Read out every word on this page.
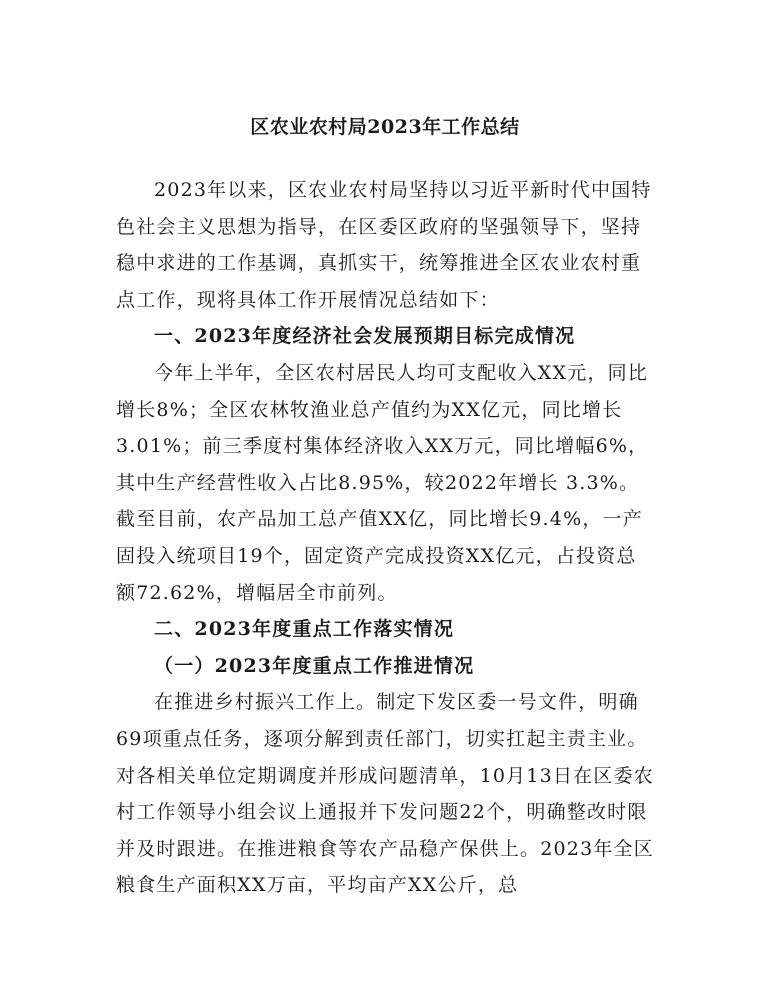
区农业农村局2023年工作总结

2023年以来，区农业农村局坚持以习近平新时代中国特色社会主义思想为指导，在区委区政府的坚强领导下，坚持稳中求进的工作基调，真抓实干，统筹推进全区农业农村重点工作，现将具体工作开展情况总结如下：

一、2023年度经济社会发展预期目标完成情况

今年上半年，全区农村居民人均可支配收入XX元，同比增长8%；全区农林牧渔业总产值约为XX亿元，同比增长3.01%；前三季度村集体经济收入XX万元，同比增幅6%，其中生产经营性收入占比8.95%，较2022年增长 3.3%。截至目前，农产品加工总产值XX亿，同比增长9.4%，一产固投入统项目19个，固定资产完成投资XX亿元，占投资总额72.62%，增幅居全市前列。

二、2023年度重点工作落实情况

（一）2023年度重点工作推进情况

在推进乡村振兴工作上。制定下发区委一号文件，明确69项重点任务，逐项分解到责任部门，切实扛起主责主业。对各相关单位定期调度并形成问题清单，10月13日在区委农村工作领导小组会议上通报并下发问题22个，明确整改时限并及时跟进。在推进粮食等农产品稳产保供上。2023年全区粮食生产面积XX万亩，平均亩产XX公斤，总
